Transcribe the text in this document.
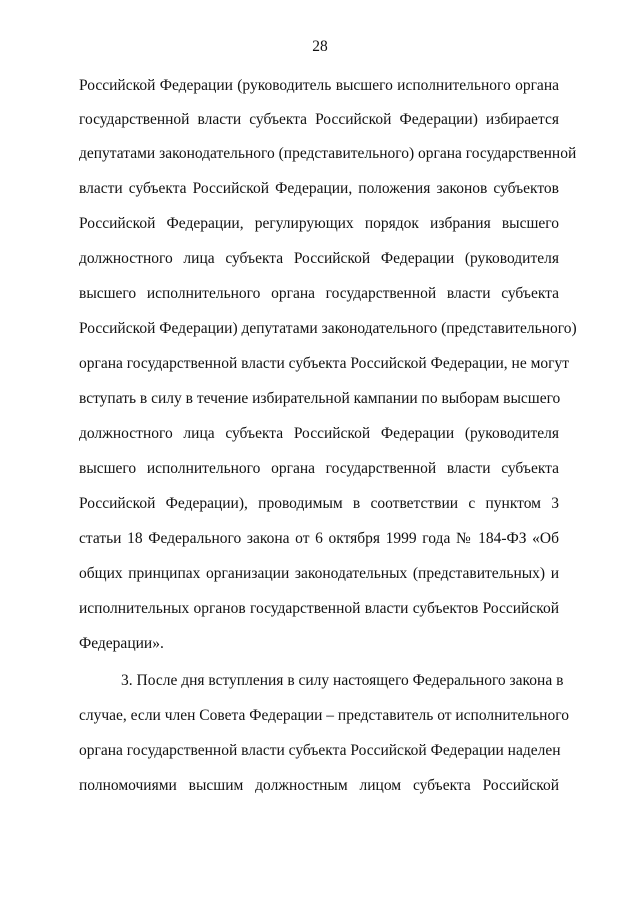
28
Российской Федерации (руководитель высшего исполнительного органа
государственной власти субъекта Российской Федерации) избирается
депутатами законодательного (представительного) органа государственной
власти субъекта Российской Федерации, положения законов субъектов
Российской Федерации, регулирующих порядок избрания высшего
должностного лица субъекта Российской Федерации (руководителя
высшего исполнительного органа государственной власти субъекта
Российской Федерации) депутатами законодательного (представительного)
органа государственной власти субъекта Российской Федерации, не могут
вступать в силу в течение избирательной кампании по выборам высшего
должностного лица субъекта Российской Федерации (руководителя
высшего исполнительного органа государственной власти субъекта
Российской Федерации), проводимым в соответствии с пунктом 3
статьи 18 Федерального закона от 6 октября 1999 года № 184-ФЗ «Об
общих принципах организации законодательных (представительных) и
исполнительных органов государственной власти субъектов Российской
Федерации».
3. После дня вступления в силу настоящего Федерального закона в
случае, если член Совета Федерации – представитель от исполнительного
органа государственной власти субъекта Российской Федерации наделен
полномочиями высшим должностным лицом субъекта Российской
